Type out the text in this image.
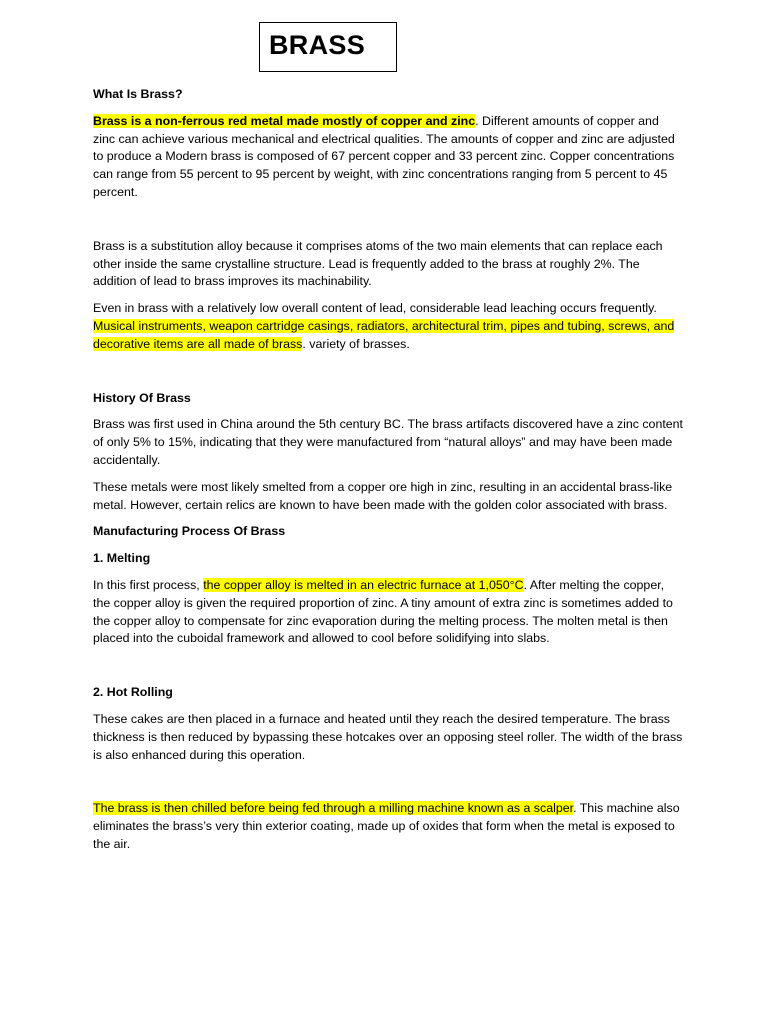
BRASS
What Is Brass?

Brass is a non-ferrous red metal made mostly of copper and zinc. Different amounts of copper and zinc can achieve various mechanical and electrical qualities. The amounts of copper and zinc are adjusted to produce a Modern brass is composed of 67 percent copper and 33 percent zinc. Copper concentrations can range from 55 percent to 95 percent by weight, with zinc concentrations ranging from 5 percent to 45 percent.

Brass is a substitution alloy because it comprises atoms of the two main elements that can replace each other inside the same crystalline structure. Lead is frequently added to the brass at roughly 2%. The addition of lead to brass improves its machinability.

Even in brass with a relatively low overall content of lead, considerable lead leaching occurs frequently. Musical instruments, weapon cartridge casings, radiators, architectural trim, pipes and tubing, screws, and decorative items are all made of brass. variety of brasses.

History Of Brass

Brass was first used in China around the 5th century BC. The brass artifacts discovered have a zinc content of only 5% to 15%, indicating that they were manufactured from “natural alloys” and may have been made accidentally.

These metals were most likely smelted from a copper ore high in zinc, resulting in an accidental brass-like metal. However, certain relics are known to have been made with the golden color associated with brass.

Manufacturing Process Of Brass
1. Melting

In this first process, the copper alloy is melted in an electric furnace at 1,050°C. After melting the copper, the copper alloy is given the required proportion of zinc. A tiny amount of extra zinc is sometimes added to the copper alloy to compensate for zinc evaporation during the melting process. The molten metal is then placed into the cuboidal framework and allowed to cool before solidifying into slabs.

2. Hot Rolling

These cakes are then placed in a furnace and heated until they reach the desired temperature. The brass thickness is then reduced by bypassing these hotcakes over an opposing steel roller. The width of the brass is also enhanced during this operation.

The brass is then chilled before being fed through a milling machine known as a scalper. This machine also eliminates the brass’s very thin exterior coating, made up of oxides that form when the metal is exposed to the air.
